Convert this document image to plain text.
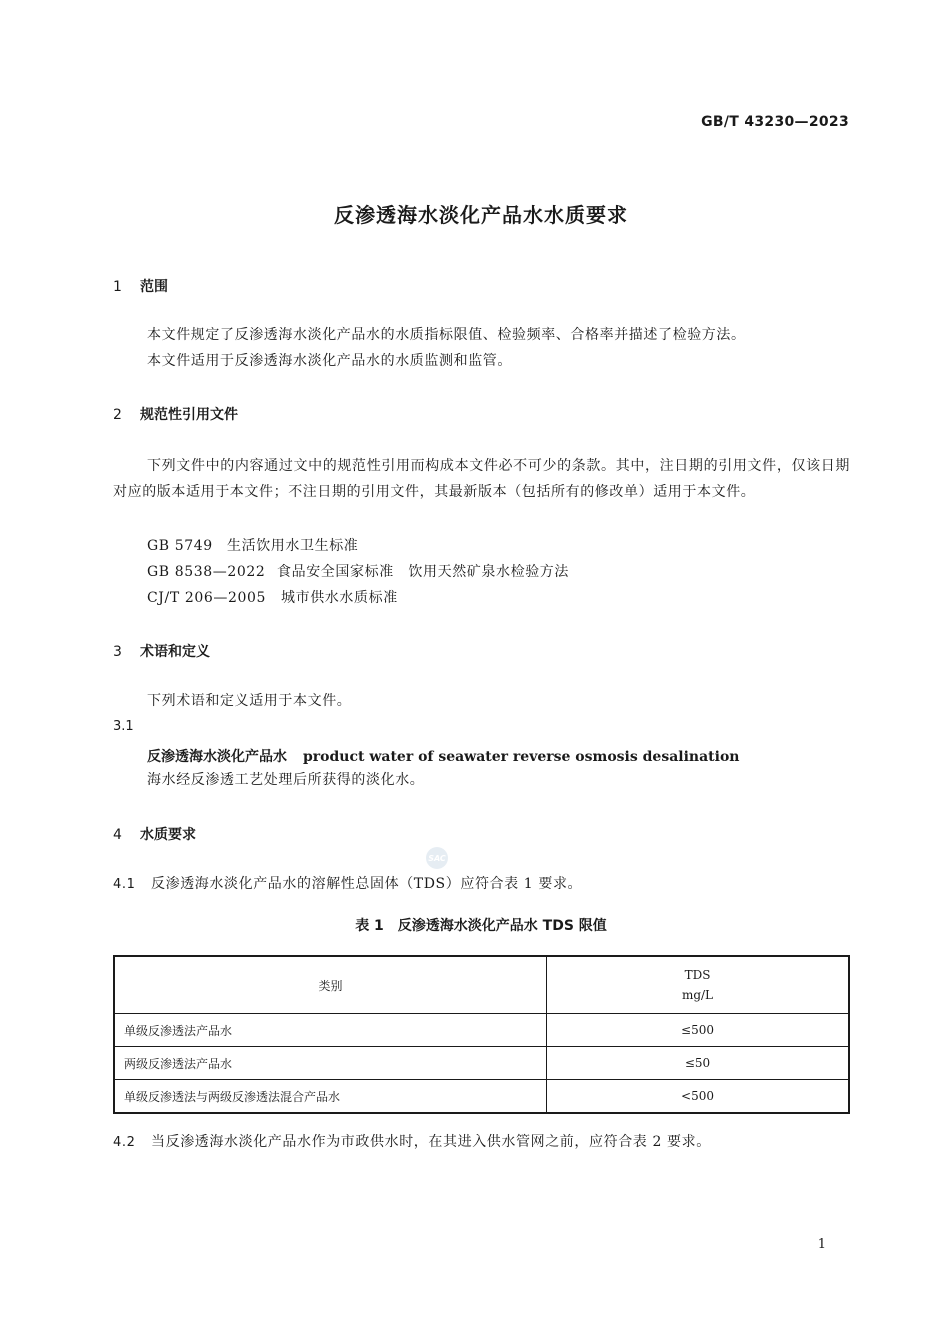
GB/T 43230—2023
反渗透海水淡化产品水水质要求
1 范围
本文件规定了反渗透海水淡化产品水的水质指标限值、检验频率、合格率并描述了检验方法。
本文件适用于反渗透海水淡化产品水的水质监测和监管。
2 规范性引用文件
下列文件中的内容通过文中的规范性引用而构成本文件必不可少的条款。其中，注日期的引用文件，仅该日期对应的版本适用于本文件；不注日期的引用文件，其最新版本（包括所有的修改单）适用于本文件。
GB 5749 生活饮用水卫生标准
GB 8538—2022 食品安全国家标准　饮用天然矿泉水检验方法
CJ/T 206—2005 城市供水水质标准
3 术语和定义
下列术语和定义适用于本文件。
3.1
反渗透海水淡化产品水 product water of seawater reverse osmosis desalination
海水经反渗透工艺处理后所获得的淡化水。
4 水质要求
SAC
4.1 反渗透海水淡化产品水的溶解性总固体（TDS）应符合表 1 要求。
表 1　反渗透海水淡化产品水 TDS 限值
类别	TDS
mg/L

单级反渗透法产品水	≤500
两级反渗透法产品水	≤50
单级反渗透法与两级反渗透法混合产品水	<500
4.2 当反渗透海水淡化产品水作为市政供水时，在其进入供水管网之前，应符合表 2 要求。
1
